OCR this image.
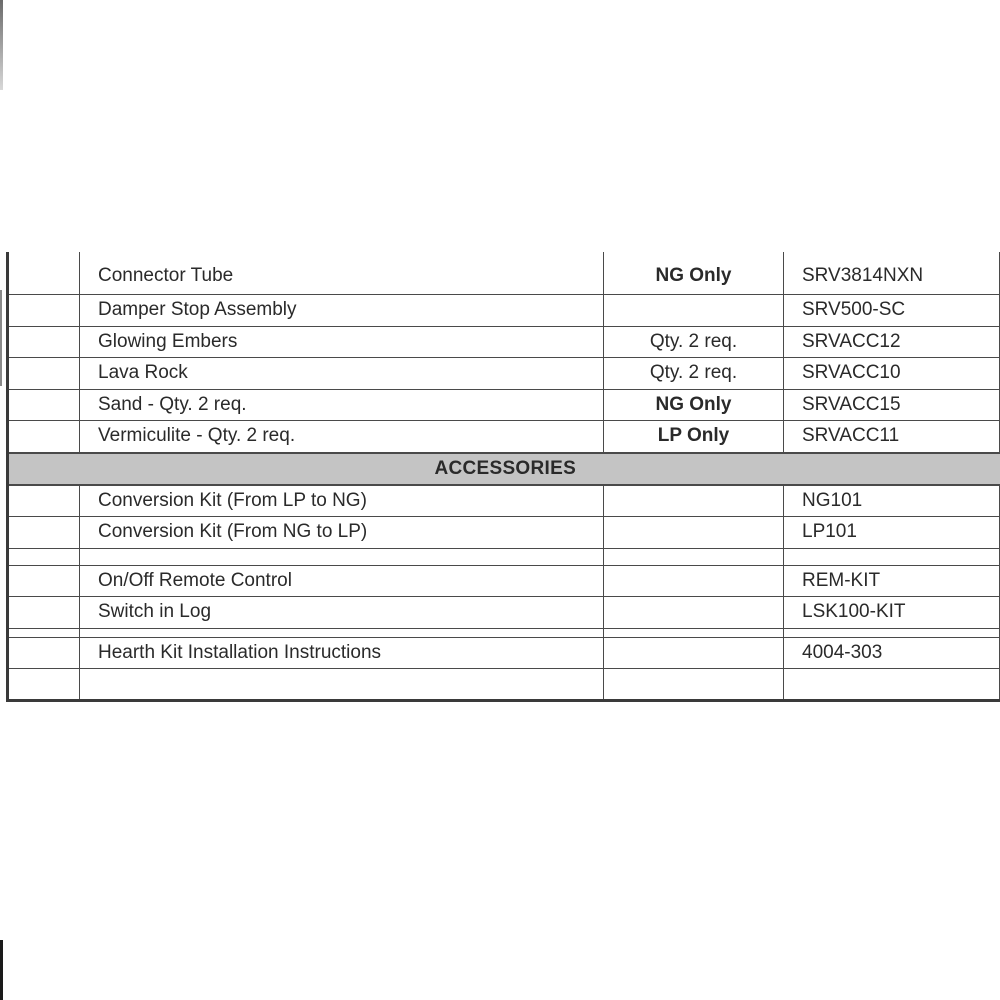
	Connector Tube	NG Only	SRV3814NXN	
	Damper Stop Assembly		SRV500-SC	
	Glowing Embers	Qty. 2 req.	SRVACC12	
	Lava Rock	Qty. 2 req.	SRVACC10	
	Sand - Qty. 2 req.	NG Only	SRVACC15	
	Vermiculite - Qty. 2 req.	LP Only	SRVACC11	
ACCESSORIES				
	Conversion Kit (From LP to NG)		NG101	
	Conversion Kit (From NG to LP)		LP101	

	On/Off Remote Control		REM-KIT	
	Switch in Log		LSK100-KIT	

	Hearth Kit Installation Instructions		4004-303	
